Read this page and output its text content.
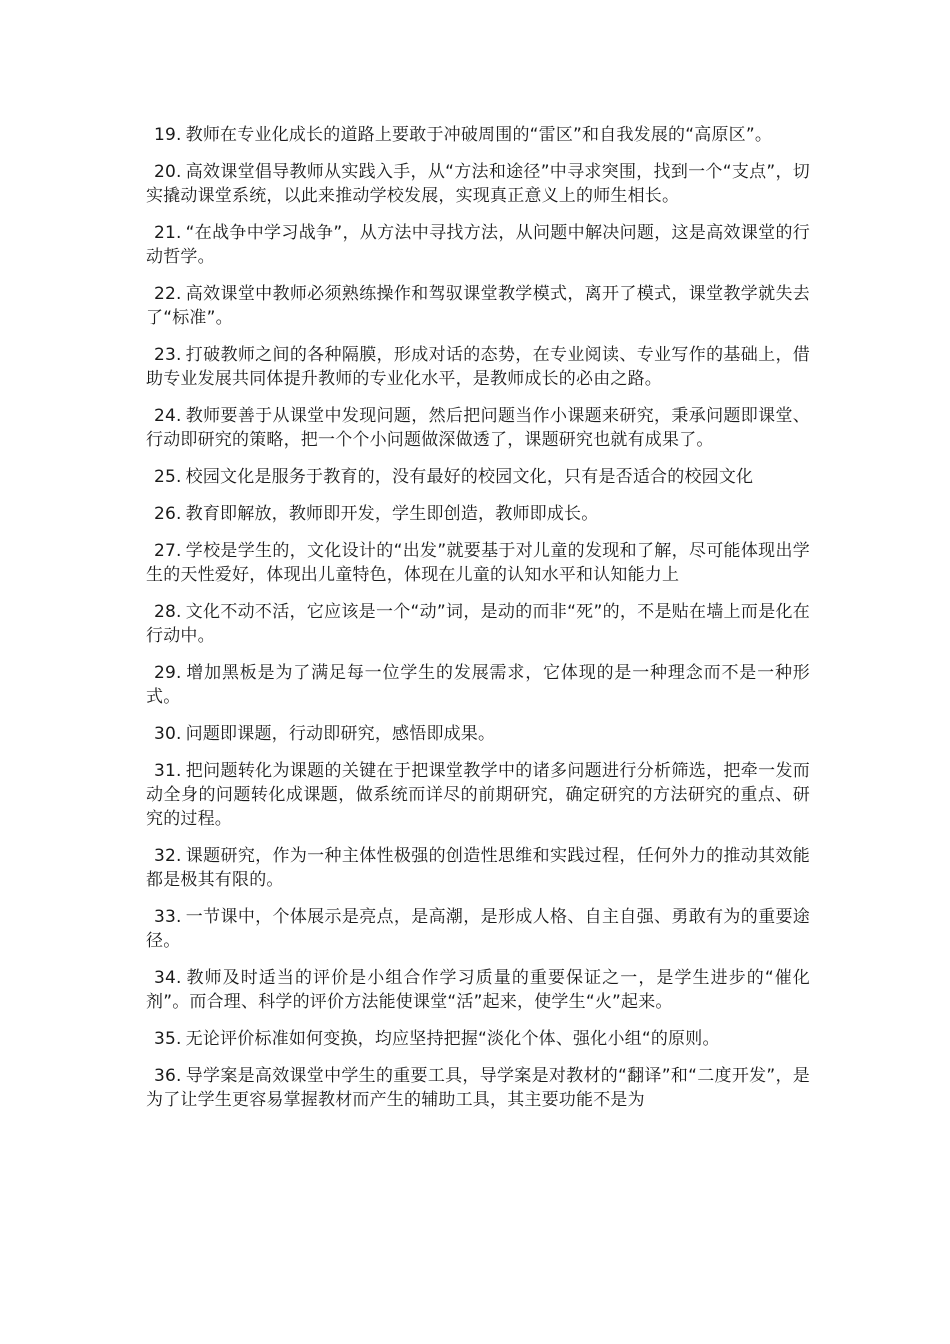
19. 教师在专业化成长的道路上要敢于冲破周围的“雷区”和自我发展的“高原区”。

20. 高效课堂倡导教师从实践入手，从“方法和途径”中寻求突围，找到一个“支点”，切实撬动课堂系统，以此来推动学校发展，实现真正意义上的师生相长。

21. “在战争中学习战争”，从方法中寻找方法，从问题中解决问题，这是高效课堂的行动哲学。

22. 高效课堂中教师必须熟练操作和驾驭课堂教学模式，离开了模式，课堂教学就失去了“标准”。

23. 打破教师之间的各种隔膜，形成对话的态势，在专业阅读、专业写作的基础上，借助专业发展共同体提升教师的专业化水平，是教师成长的必由之路。

24. 教师要善于从课堂中发现问题，然后把问题当作小课题来研究，秉承问题即课堂、行动即研究的策略，把一个个小问题做深做透了，课题研究也就有成果了。

25. 校园文化是服务于教育的，没有最好的校园文化，只有是否适合的校园文化

26. 教育即解放，教师即开发，学生即创造，教师即成长。

27. 学校是学生的，文化设计的“出发”就要基于对儿童的发现和了解，尽可能体现出学生的天性爱好，体现出儿童特色，体现在儿童的认知水平和认知能力上

28. 文化不动不活，它应该是一个“动”词，是动的而非“死”的，不是贴在墙上而是化在行动中。

29. 增加黑板是为了满足每一位学生的发展需求，它体现的是一种理念而不是一种形式。

30. 问题即课题，行动即研究，感悟即成果。

31. 把问题转化为课题的关键在于把课堂教学中的诸多问题进行分析筛选，把牵一发而动全身的问题转化成课题，做系统而详尽的前期研究，确定研究的方法研究的重点、研究的过程。

32. 课题研究，作为一种主体性极强的创造性思维和实践过程，任何外力的推动其效能都是极其有限的。

33. 一节课中，个体展示是亮点，是高潮，是形成人格、自主自强、勇敢有为的重要途径。

34. 教师及时适当的评价是小组合作学习质量的重要保证之一，是学生进步的“催化剂”。而合理、科学的评价方法能使课堂“活”起来，使学生“火”起来。

35. 无论评价标准如何变换，均应坚持把握“淡化个体、强化小组“的原则。

36. 导学案是高效课堂中学生的重要工具，导学案是对教材的“翻译”和“二度开发”，是为了让学生更容易掌握教材而产生的辅助工具，其主要功能不是为
